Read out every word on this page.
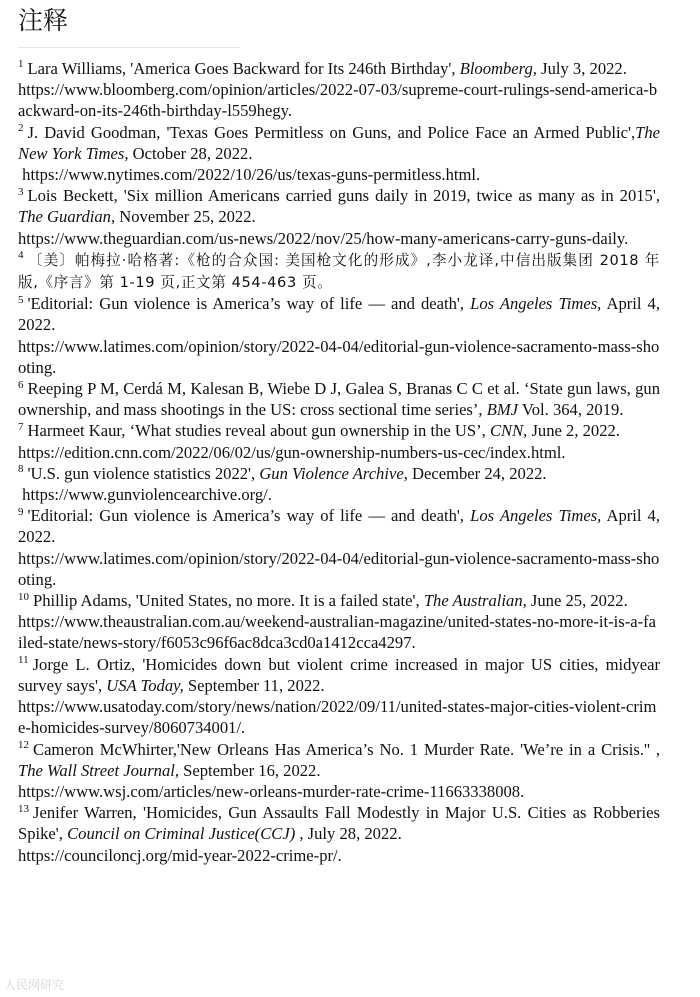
注释

$^1$ Lara Williams, 'America Goes Backward for Its 246th Birthday', Bloomberg, July 3, 2022.
https://www.bloomberg.com/opinion/articles/2022-07-03/supreme-court-rulings-send-america-backward-on-its-246th-birthday-l559hegy.

$^2$ J. David Goodman, 'Texas Goes Permitless on Guns, and Police Face an Armed Public',The New York Times, October 28, 2022.
https://www.nytimes.com/2022/10/26/us/texas-guns-permitless.html.

$^3$ Lois Beckett, 'Six million Americans carried guns daily in 2019, twice as many as in 2015', The Guardian, November 25, 2022.
https://www.theguardian.com/us-news/2022/nov/25/how-many-americans-carry-guns-daily.

$^4$ 〔美〕帕梅拉·哈格著:《枪的合众国: 美国枪文化的形成》,李小龙译,中信出版集团 2018 年版,《序言》第 1-19 页,正文第 454-463 页。

$^5$ 'Editorial: Gun violence is America’s way of life — and death', Los Angeles Times, April 4, 2022.
https://www.latimes.com/opinion/story/2022-04-04/editorial-gun-violence-sacramento-mass-shooting.

$^6$ Reeping P M, Cerdá M, Kalesan B, Wiebe D J, Galea S, Branas C C et al. ‘State gun laws, gun ownership, and mass shootings in the US: cross sectional time series’, BMJ Vol. 364, 2019.

$^7$ Harmeet Kaur, ‘What studies reveal about gun ownership in the US’, CNN, June 2, 2022.
https://edition.cnn.com/2022/06/02/us/gun-ownership-numbers-us-cec/index.html.

$^8$ 'U.S. gun violence statistics 2022', Gun Violence Archive, December 24, 2022.
https://www.gunviolencearchive.org/.

$^9$ 'Editorial: Gun violence is America’s way of life — and death', Los Angeles Times, April 4, 2022.
https://www.latimes.com/opinion/story/2022-04-04/editorial-gun-violence-sacramento-mass-shooting.

$^{10}$ Phillip Adams, 'United States, no more. It is a failed state', The Australian, June 25, 2022.
https://www.theaustralian.com.au/weekend-australian-magazine/united-states-no-more-it-is-a-failed-state/news-story/f6053c96f6ac8dca3cd0a1412cca4297.

$^{11}$ Jorge L. Ortiz, 'Homicides down but violent crime increased in major US cities, midyear survey says', USA Today, September 11, 2022.
https://www.usatoday.com/story/news/nation/2022/09/11/united-states-major-cities-violent-crime-homicides-survey/8060734001/.

$^{12}$ Cameron McWhirter,'New Orleans Has America’s No. 1 Murder Rate. 'We’re in a Crisis.'' , The Wall Street Journal, September 16, 2022.
https://www.wsj.com/articles/new-orleans-murder-rate-crime-11663338008.

$^{13}$ Jenifer Warren, 'Homicides, Gun Assaults Fall Modestly in Major U.S. Cities as Robberies Spike', Council on Criminal Justice(CCJ) , July 28, 2022.
https://counciloncj.org/mid-year-2022-crime-pr/.

人民网研究
